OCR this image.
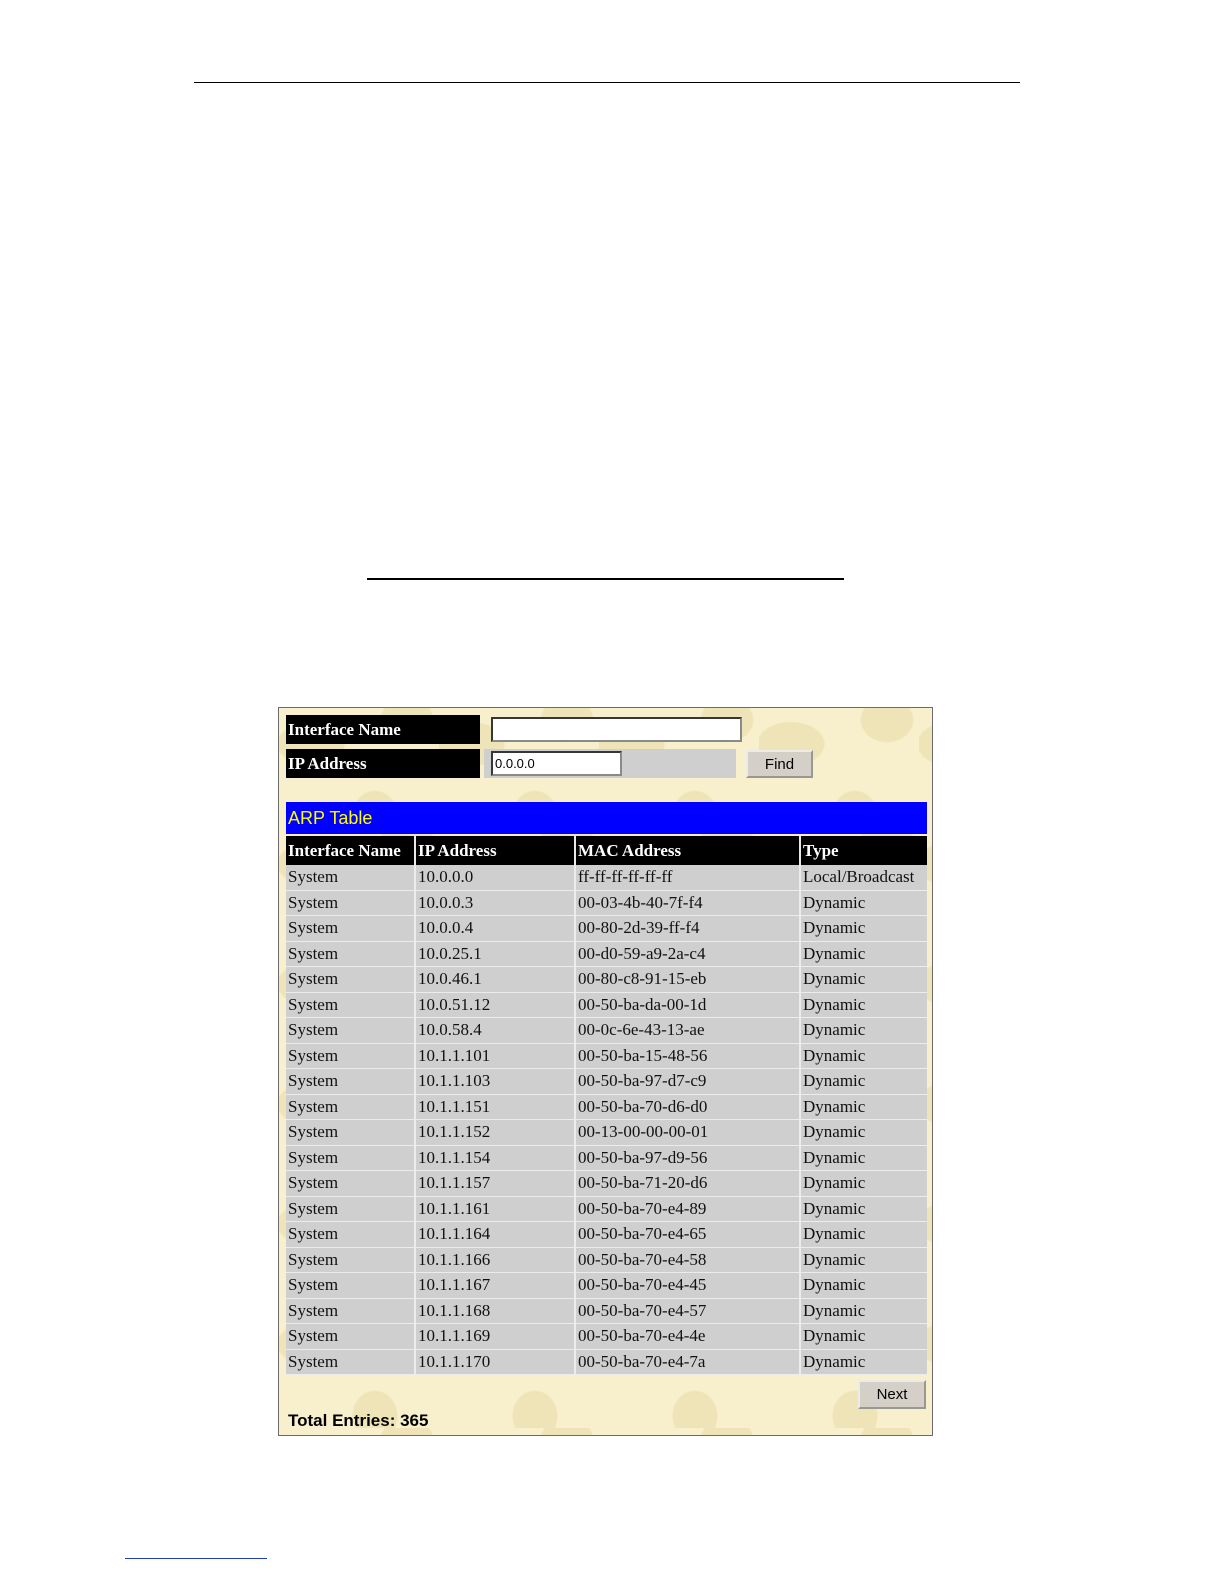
Interface Name
IP Address
0.0.0.0	Find
ARP Table
Interface Name	IP Address	MAC Address	Type
System	10.0.0.0	ff-ff-ff-ff-ff-ff	Local/Broadcast
System	10.0.0.3	00-03-4b-40-7f-f4	Dynamic
System	10.0.0.4	00-80-2d-39-ff-f4	Dynamic
System	10.0.25.1	00-d0-59-a9-2a-c4	Dynamic
System	10.0.46.1	00-80-c8-91-15-eb	Dynamic
System	10.0.51.12	00-50-ba-da-00-1d	Dynamic
System	10.0.58.4	00-0c-6e-43-13-ae	Dynamic
System	10.1.1.101	00-50-ba-15-48-56	Dynamic
System	10.1.1.103	00-50-ba-97-d7-c9	Dynamic
System	10.1.1.151	00-50-ba-70-d6-d0	Dynamic
System	10.1.1.152	00-13-00-00-00-01	Dynamic
System	10.1.1.154	00-50-ba-97-d9-56	Dynamic
System	10.1.1.157	00-50-ba-71-20-d6	Dynamic
System	10.1.1.161	00-50-ba-70-e4-89	Dynamic
System	10.1.1.164	00-50-ba-70-e4-65	Dynamic
System	10.1.1.166	00-50-ba-70-e4-58	Dynamic
System	10.1.1.167	00-50-ba-70-e4-45	Dynamic
System	10.1.1.168	00-50-ba-70-e4-57	Dynamic
System	10.1.1.169	00-50-ba-70-e4-4e	Dynamic
System	10.1.1.170	00-50-ba-70-e4-7a	Dynamic
Next
Total Entries: 365
